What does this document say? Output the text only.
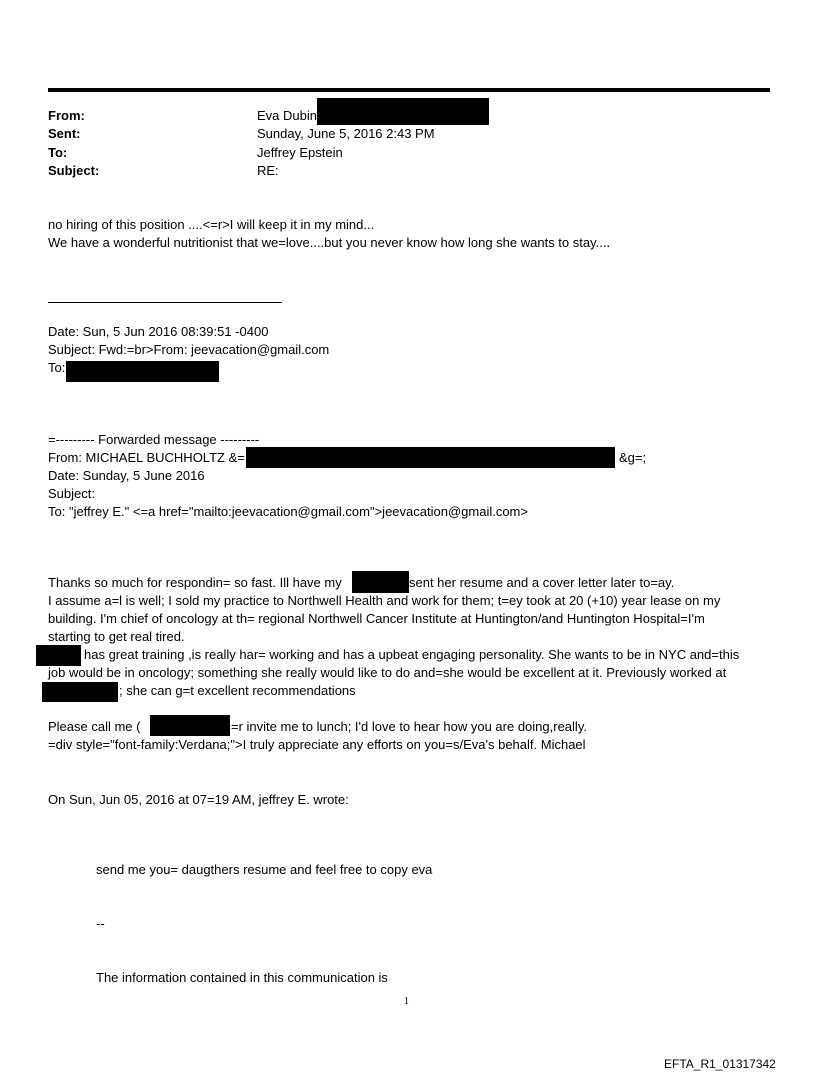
From:	Eva Dubin
Sent:	Sunday, June 5, 2016 2:43 PM
To:	Jeffrey Epstein
Subject:	RE:
no hiring of this position ....<=r>I will keep it in my mind...
We have a wonderful nutritionist that we=love....but you never know how long she wants to stay....
Date: Sun, 5 Jun 2016 08:39:51 -0400
Subject: Fwd:=br>From: jeevacation@gmail.com
To:
=--------- Forwarded message ---------
From: MICHAEL BUCHHOLTZ &=	&g=;
Date: Sunday, 5 June 2016
Subject:
To: "jeffrey E." <=a href="mailto:jeevacation@gmail.com">jeevacation@gmail.com>
Thanks so much for respondin= so fast. Ill have my	sent her resume and a cover letter later to=ay.
I assume a=l is well; I sold my practice to Northwell Health and work for them; t=ey took at 20 (+10) year lease on my
building. I'm chief of oncology at th= regional Northwell Cancer Institute at Huntington/and Huntington Hospital=I'm
starting to get real tired.
has great training ,is really har= working and has a upbeat engaging personality. She wants to be in NYC and=this
job would be in oncology; something she really would like to do and=she would be excellent at it. Previously worked at
; she can g=t excellent recommendations
Please call me (	=r invite me to lunch; I'd love to hear how you are doing,really.
=div style="font-family:Verdana;">I truly appreciate any efforts on you=s/Eva's behalf. Michael
On Sun, Jun 05, 2016 at 07=19 AM, jeffrey E. wrote:
send me you= daugthers resume and feel free to copy eva
--
The information contained in this communication is
1
EFTA_R1_01317342
